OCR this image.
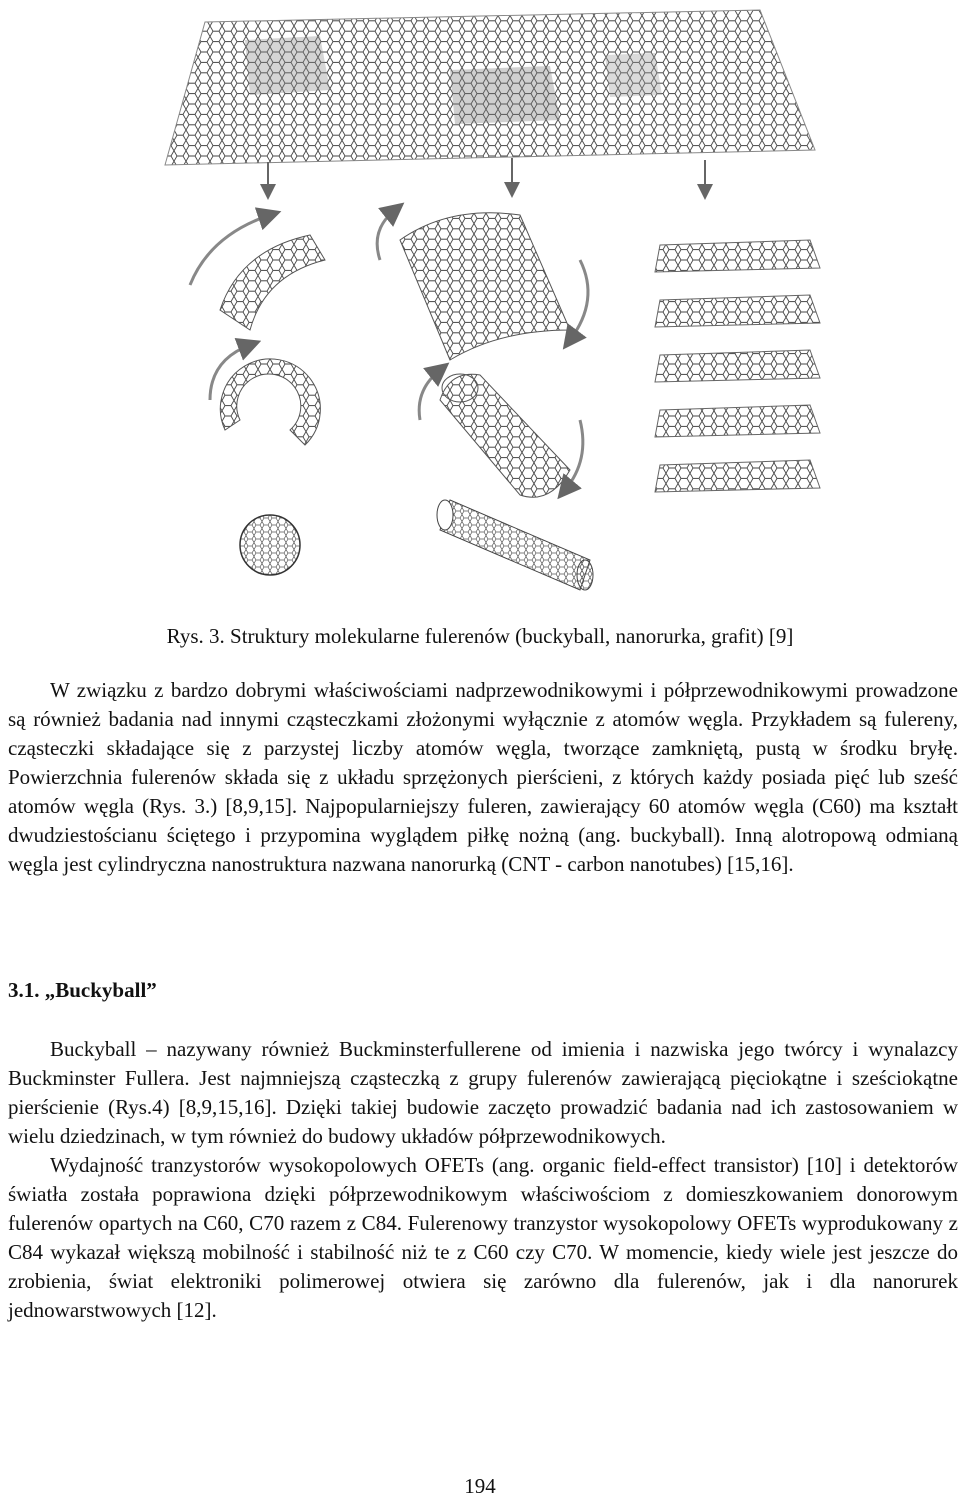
Rys. 3. Struktury molekularne fulerenów (buckyball, nanorurka, grafit) [9]

W związku z bardzo dobrymi właściwościami nadprzewodnikowymi i półprzewodnikowymi prowadzone są również badania nad innymi cząsteczkami złożonymi wyłącznie z atomów węgla. Przykładem są fulereny, cząsteczki składające się z parzystej liczby atomów węgla, tworzące zamkniętą, pustą w środku bryłę. Powierzchnia fulerenów składa się z układu sprzężonych pierścieni, z których każdy posiada pięć lub sześć atomów węgla (Rys. 3.) [8,9,15]. Najpopularniejszy fuleren, zawierający 60 atomów węgla (C60) ma kształt dwudziestościanu ściętego i przypomina wyglądem piłkę nożną (ang. buckyball). Inną alotropową odmianą węgla jest cylindryczna nanostruktura nazwana nanorurką (CNT - carbon nanotubes) [15,16].

3.1. „Buckyball”

Buckyball – nazywany również Buckminsterfullerene od imienia i nazwiska jego twórcy i wynalazcy Buckminster Fullera. Jest najmniejszą cząsteczką z grupy fulerenów zawierającą pięciokątne i sześciokątne pierścienie (Rys.4) [8,9,15,16]. Dzięki takiej budowie zaczęto prowadzić badania nad ich zastosowaniem w wielu dziedzinach, w tym również do budowy układów półprzewodnikowych.

Wydajność tranzystorów wysokopolowych OFETs (ang. organic field-effect transistor) [10] i detektorów światła została poprawiona dzięki półprzewodnikowym właściwościom z domieszkowaniem donorowym fulerenów opartych na C60, C70 razem z C84. Fulerenowy tranzystor wysokopolowy OFETs wyprodukowany z C84 wykazał większą mobilność i stabilność niż te z C60 czy C70. W momencie, kiedy wiele jest jeszcze do zrobienia, świat elektroniki polimerowej otwiera się zarówno dla fulerenów, jak i dla nanorurek jednowarstwowych [12].

194
